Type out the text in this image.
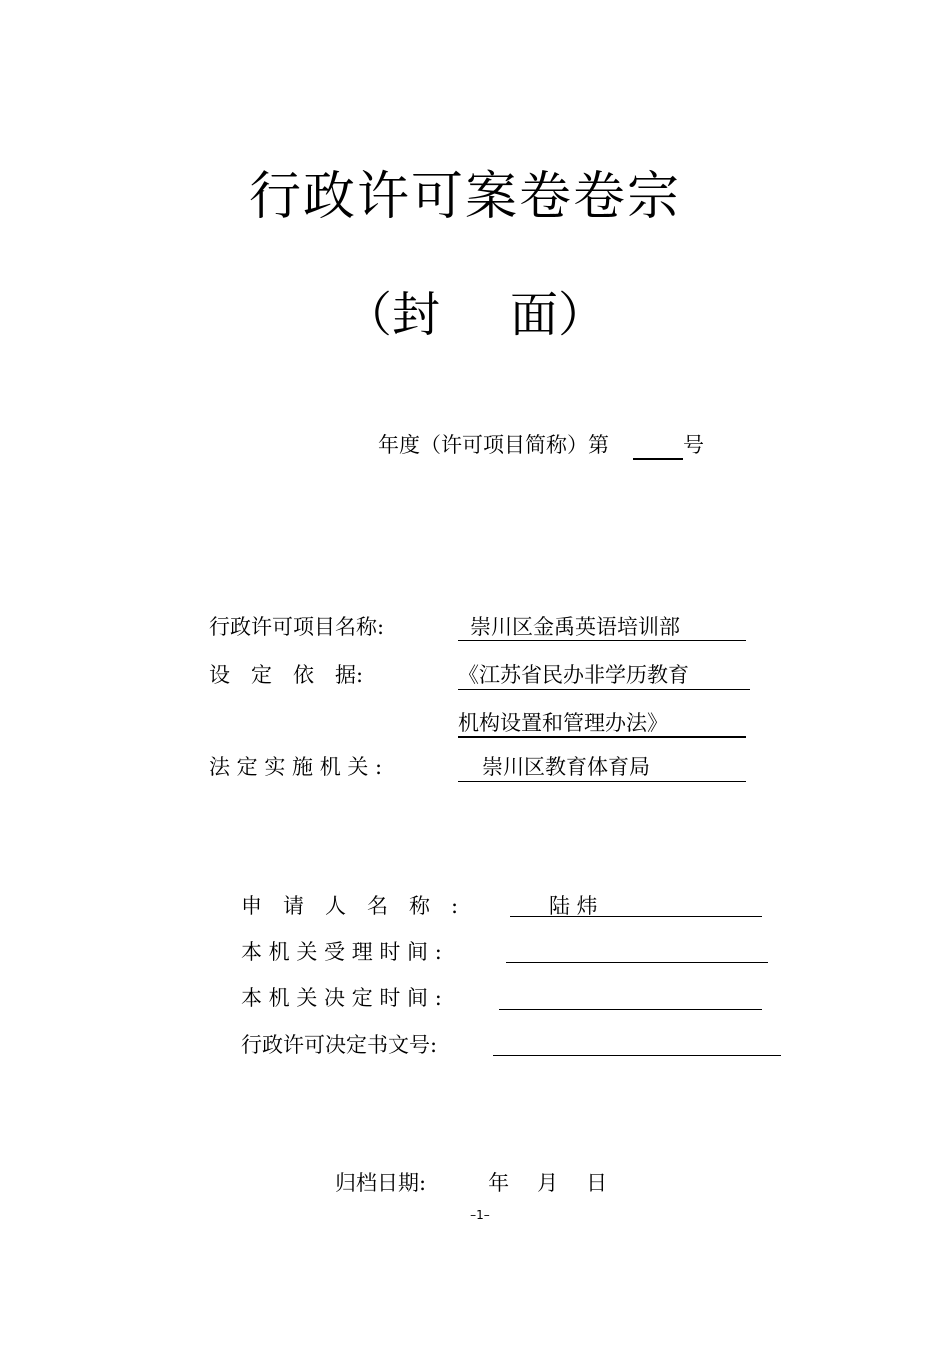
行政许可案卷卷宗
（封 面）
年度（许可项目简称）第	号
行政许可项目名称:	崇川区金禹英语培训部
设　定　依　据:	《江苏省民办非学历教育
机构设置和管理办法》
法 定 实 施 机 关 :	崇川区教育体育局
申　请　人　名　称　:	陆 炜
本 机 关 受 理 时 间 :
本 机 关 决 定 时 间 :
行政许可决定书文号:
归档日期:	年 月 日
–1–
